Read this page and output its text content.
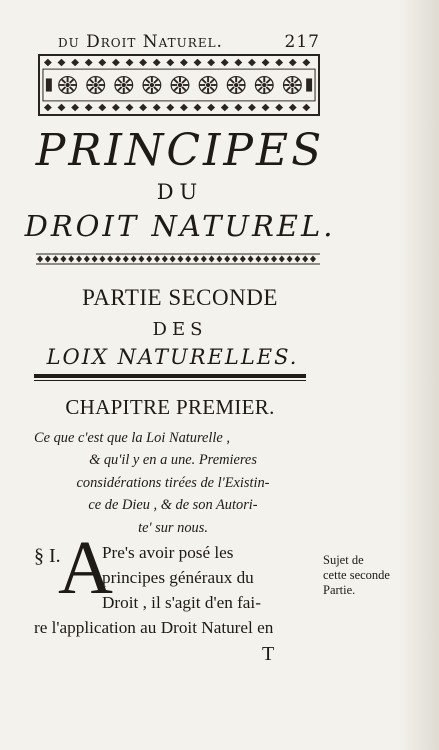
du Droit Naturel.	217
PRINCIPES
DU
DROIT NATUREL.
PARTIE SECONDE
DES
LOIX NATURELLES.
CHAPITRE PREMIER.
Ce que c'est que la Loi Naturelle ,
& qu'il y en a une. Premieres
considérations tirées de l'Existin-
ce de Dieu , & de son Autori-
te' sur nous.
§ I.
A
Pre's avoir posé les
principes généraux du
Droit , il s'agit d'en fai-
re l'application au Droit Naturel en
T
Sujet de
cette seconde
Partie.
